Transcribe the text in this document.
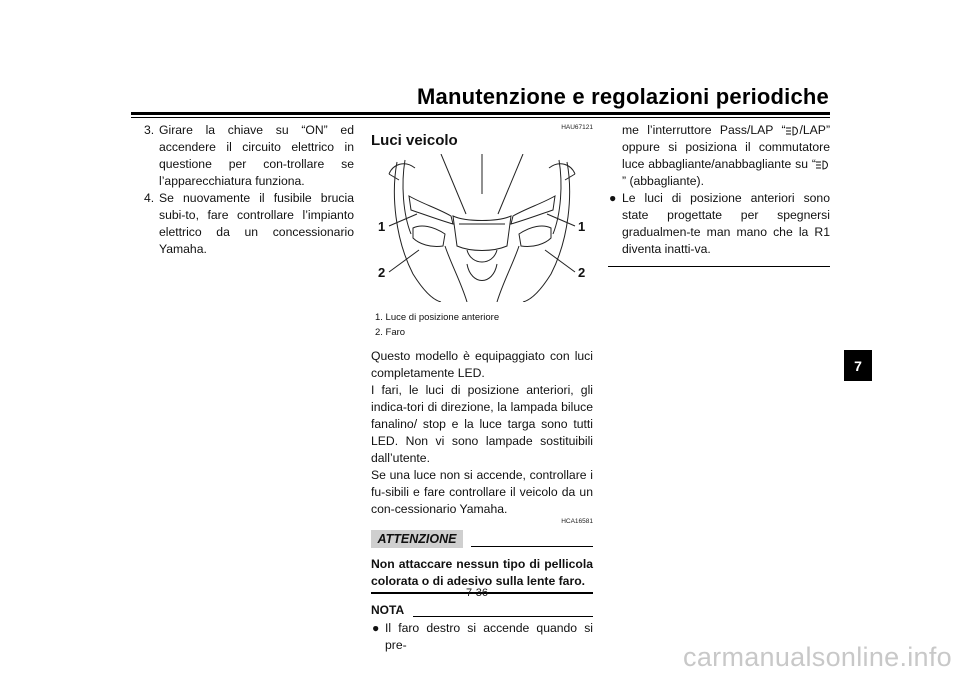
Manutenzione e regolazioni periodiche
7
3. Girare la chiave su “ON” ed accendere il circuito elettrico in questione per con-trollare se l’apparecchiatura funziona.
4. Se nuovamente il fusibile brucia subi-to, fare controllare l’impianto elettrico da un concessionario Yamaha.
HAU67121
Luci veicolo
1	1
2	2
1. Luce di posizione anteriore
2. Faro

Questo modello è equipaggiato con luci completamente LED.

I fari, le luci di posizione anteriori, gli indica-tori di direzione, la lampada biluce fanalino/ stop e la luce targa sono tutti LED. Non vi sono lampade sostituibili dall’utente.

Se una luce non si accende, controllare i fu-sibili e fare controllare il veicolo da un con-cessionario Yamaha.

HCA16581
ATTENZIONE

Non attaccare nessun tipo di pellicola colorata o di adesivo sulla lente faro.

NOTA
● Il faro destro si accende quando si pre-
me l’interruttore Pass/LAP “ /LAP” oppure si posiziona il commutatore luce abbagliante/anabbagliante su “” (abbagliante).
● Le luci di posizione anteriori sono state progettate per spegnersi gradualmen-te man mano che la R1 diventa inatti-va.
7-36
carmanualsonline.info
